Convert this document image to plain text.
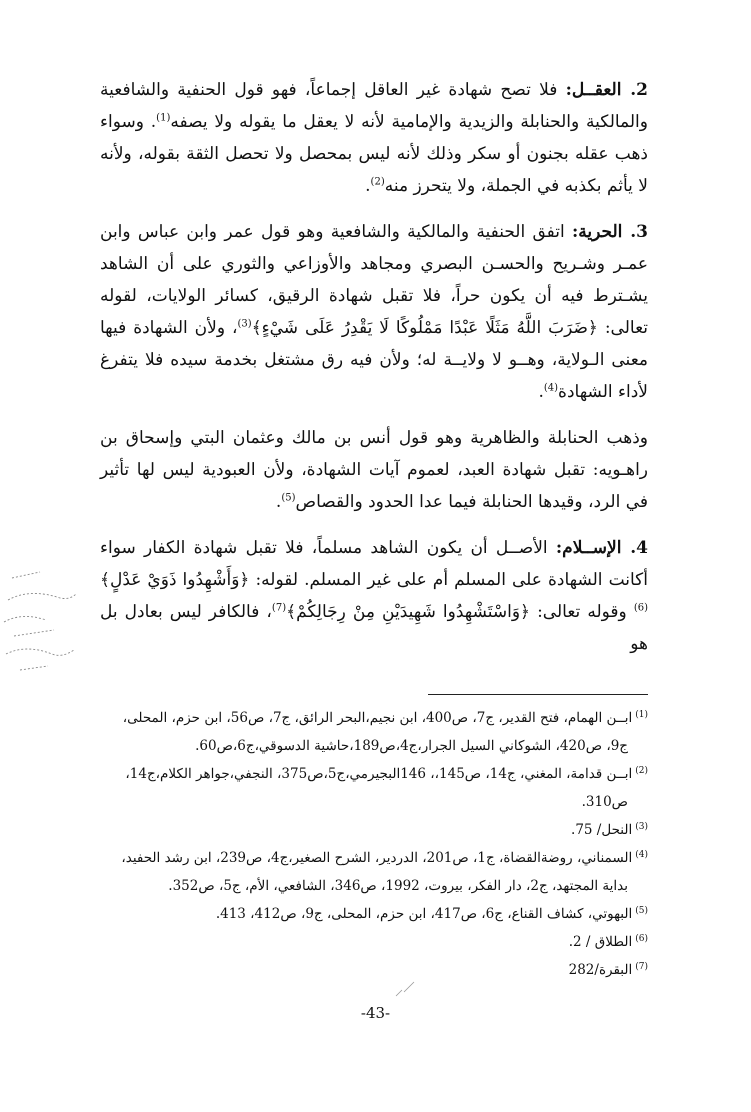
2. العقــل: فلا تصح شهادة غير العاقل إجماعاً، فهو قول الحنفية والشافعية والمالكية والحنابلة والزيدية والإمامية لأنه لا يعقل ما يقوله ولا يصفه$^{(1)}$. وسواء ذهب عقله بجنون أو سكر وذلك لأنه ليس بمحصل ولا تحصل الثقة بقوله، ولأنه لا يأثم بكذبه في الجملة، ولا يتحرز منه$^{(2)}$.

3. الحرية: اتفق الحنفية والمالكية والشافعية وهو قول عمر وابن عباس وابن عمـر وشـريح والحسـن البصري ومجاهد والأوزاعي والثوري على أن الشاهد يشـترط فيه أن يكون حراً، فلا تقبل شهادة الرقيق، كسائر الولايات، لقوله تعالى: ﴿ضَرَبَ اللَّهُ مَثَلًا عَبْدًا مَمْلُوكًا لَا يَقْدِرُ عَلَى شَيْءٍ﴾$^{(3)}$، ولأن الشهادة فيها معنى الـولاية، وهــو لا ولايــة له؛ ولأن فيه رق مشتغل بخدمة سيده فلا يتفرغ لأداء الشهادة$^{(4)}$.

وذهب الحنابلة والظاهرية وهو قول أنس بن مالك وعثمان البتي وإسحاق بن راهـويه: تقبل شهادة العبد، لعموم آيات الشهادة، ولأن العبودية ليس لها تأثير في الرد، وقيدها الحنابلة فيما عدا الحدود والقصاص$^{(5)}$.

4. الإســلام: الأصــل أن يكون الشاهد مسلماً، فلا تقبل شهادة الكفار سواء أكانت الشهادة على المسلم أم على غير المسلم. لقوله: ﴿وَأَشْهِدُوا ذَوَيْ عَدْلٍ﴾$^{(6)}$ وقوله تعالى: ﴿وَاسْتَشْهِدُوا شَهِيدَيْنِ مِنْ رِجَالِكُمْ﴾$^{(7)}$، فالكافر ليس بعادل بل هو

$^{(1)}$ابــن الهمام، فتح القدير، ج7، ص400، ابن نجيم،البحر الرائق، ج7، ص56، ابن حزم، المحلى،

ج9، ص420، الشوكاني السيل الجرار،ج4،ص189،حاشية الدسوقي،ج6،ص60.

$^{(2)}$ابــن قدامة، المغني، ج14، ص145،، 146البجيرمي،ج5،ص375، النجفي،جواهر الكلام،ج14،

ص310.

$^{(3)}$النحل/ 75.

$^{(4)}$السمناني، روضةالقضاة، ج1، ص201، الدردير، الشرح الصغير،ج4، ص239، ابن رشد الحفيد،

بداية المجتهد، ج2، دار الفكر، بيروت، 1992، ص346، الشافعي، الأم، ج5، ص352.

$^{(5)}$البهوتي، كشاف القناع، ج6، ص417، ابن حزم، المحلى، ج9، ص412، 413.

$^{(6)}$الطلاق / 2.

$^{(7)}$البقرة/282

-43-
